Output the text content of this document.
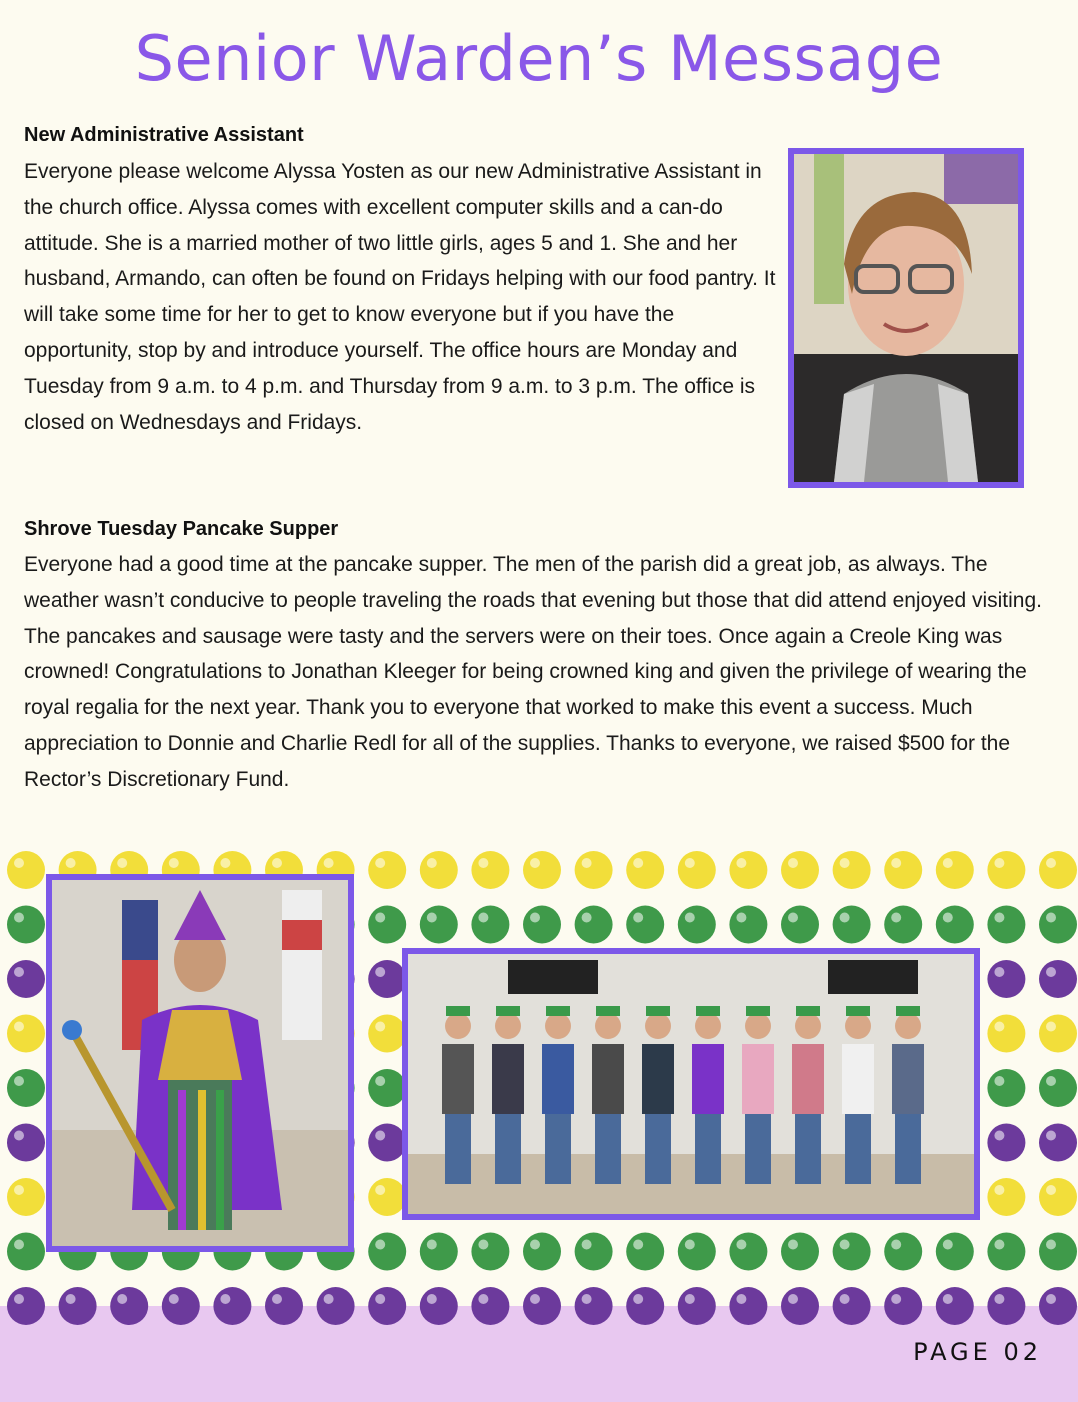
Senior Warden’s Message
New Administrative Assistant

Everyone please welcome Alyssa Yosten as our new Administrative Assistant in the church office. Alyssa comes with excellent computer skills and a can-do attitude. She is a married mother of two little girls, ages 5 and 1. She and her husband, Armando, can often be found on Fridays helping with our food pantry. It will take some time for her to get to know everyone but if you have the opportunity, stop by and introduce yourself. The office hours are Monday and Tuesday from 9 a.m. to 4 p.m. and Thursday from 9 a.m. to 3 p.m. The office is closed on Wednesdays and Fridays.

Shrove Tuesday Pancake Supper

Everyone had a good time at the pancake supper. The men of the parish did a great job, as always. The weather wasn’t conducive to people traveling the roads that evening but those that did attend enjoyed visiting. The pancakes and sausage were tasty and the servers were on their toes. Once again a Creole King was crowned! Congratulations to Jonathan Kleeger for being crowned king and given the privilege of wearing the royal regalia for the next year. Thank you to everyone that worked to make this event a success. Much appreciation to Donnie and Charlie Redl for all of the supplies. Thanks to everyone, we raised $500 for the Rector’s Discretionary Fund.

PAGE 02
